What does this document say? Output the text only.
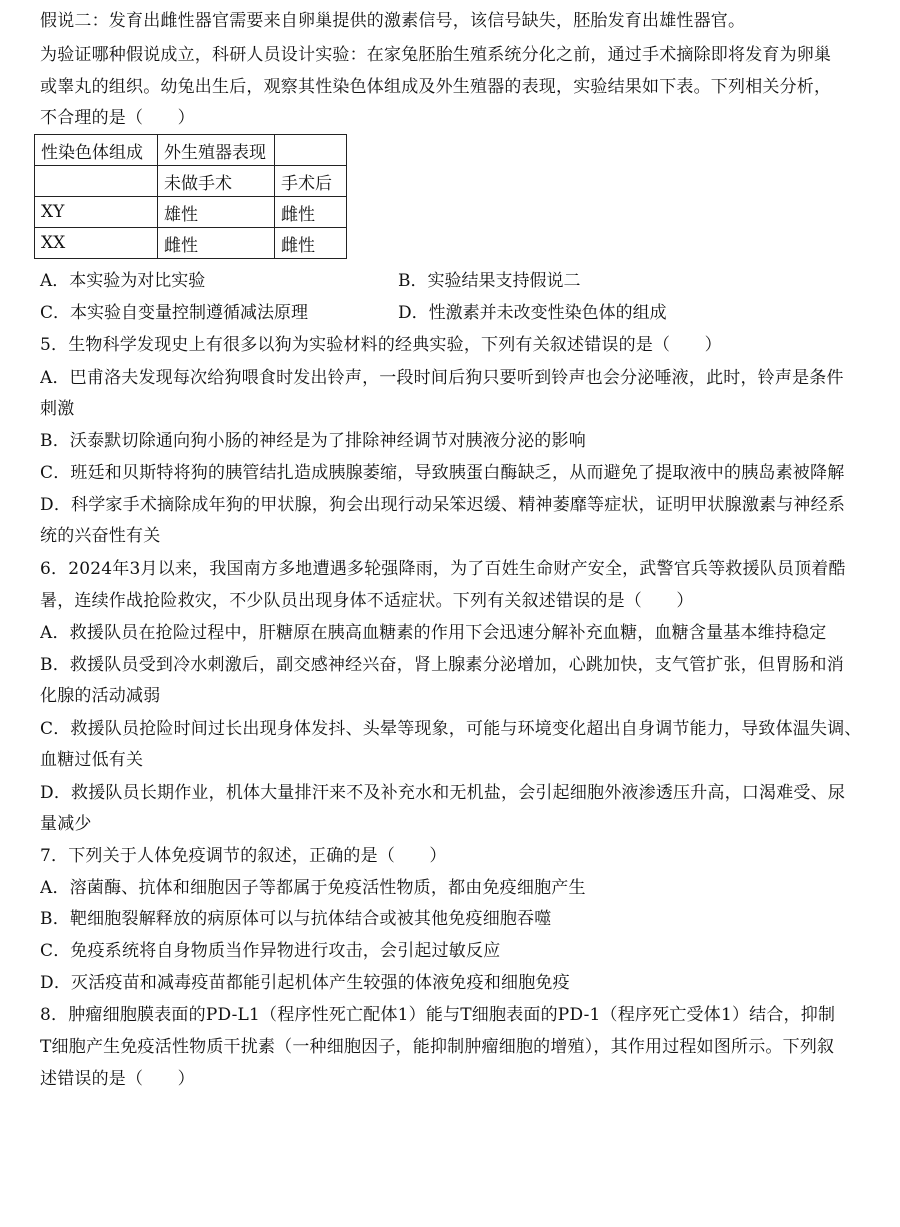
假说二：发育出雌性器官需要来自卵巢提供的激素信号，该信号缺失，胚胎发育出雄性器官。
为验证哪种假说成立，科研人员设计实验：在家兔胚胎生殖系统分化之前，通过手术摘除即将发育为卵巢
或睾丸的组织。幼兔出生后，观察其性染色体组成及外生殖器的表现，实验结果如下表。下列相关分析，
不合理的是（　　）
性染色体组成	外生殖器表现	
	未做手术	手术后
XY	雄性	雌性
XX	雌性	雌性
A．本实验为对比实验	B．实验结果支持假说二
C．本实验自变量控制遵循减法原理	D．性激素并未改变性染色体的组成
5．生物科学发现史上有很多以狗为实验材料的经典实验，下列有关叙述错误的是（　　）
A．巴甫洛夫发现每次给狗喂食时发出铃声，一段时间后狗只要听到铃声也会分泌唾液，此时，铃声是条件
刺激
B．沃泰默切除通向狗小肠的神经是为了排除神经调节对胰液分泌的影响
C．班廷和贝斯特将狗的胰管结扎造成胰腺萎缩，导致胰蛋白酶缺乏，从而避免了提取液中的胰岛素被降解
D．科学家手术摘除成年狗的甲状腺，狗会出现行动呆笨迟缓、精神萎靡等症状，证明甲状腺激素与神经系
统的兴奋性有关
6．2024年3月以来，我国南方多地遭遇多轮强降雨，为了百姓生命财产安全，武警官兵等救援队员顶着酷
暑，连续作战抢险救灾，不少队员出现身体不适症状。下列有关叙述错误的是（　　）
A．救援队员在抢险过程中，肝糖原在胰高血糖素的作用下会迅速分解补充血糖，血糖含量基本维持稳定
B．救援队员受到冷水刺激后，副交感神经兴奋，肾上腺素分泌增加，心跳加快，支气管扩张，但胃肠和消
化腺的活动减弱
C．救援队员抢险时间过长出现身体发抖、头晕等现象，可能与环境变化超出自身调节能力，导致体温失调、
血糖过低有关
D．救援队员长期作业，机体大量排汗来不及补充水和无机盐，会引起细胞外液渗透压升高，口渴难受、尿
量减少
7．下列关于人体免疫调节的叙述，正确的是（　　）
A．溶菌酶、抗体和细胞因子等都属于免疫活性物质，都由免疫细胞产生
B．靶细胞裂解释放的病原体可以与抗体结合或被其他免疫细胞吞噬
C．免疫系统将自身物质当作异物进行攻击，会引起过敏反应
D．灭活疫苗和减毒疫苗都能引起机体产生较强的体液免疫和细胞免疫
8．肿瘤细胞膜表面的PD-L1（程序性死亡配体1）能与T细胞表面的PD-1（程序死亡受体1）结合，抑制
T细胞产生免疫活性物质干扰素（一种细胞因子，能抑制肿瘤细胞的增殖），其作用过程如图所示。下列叙
述错误的是（　　）
